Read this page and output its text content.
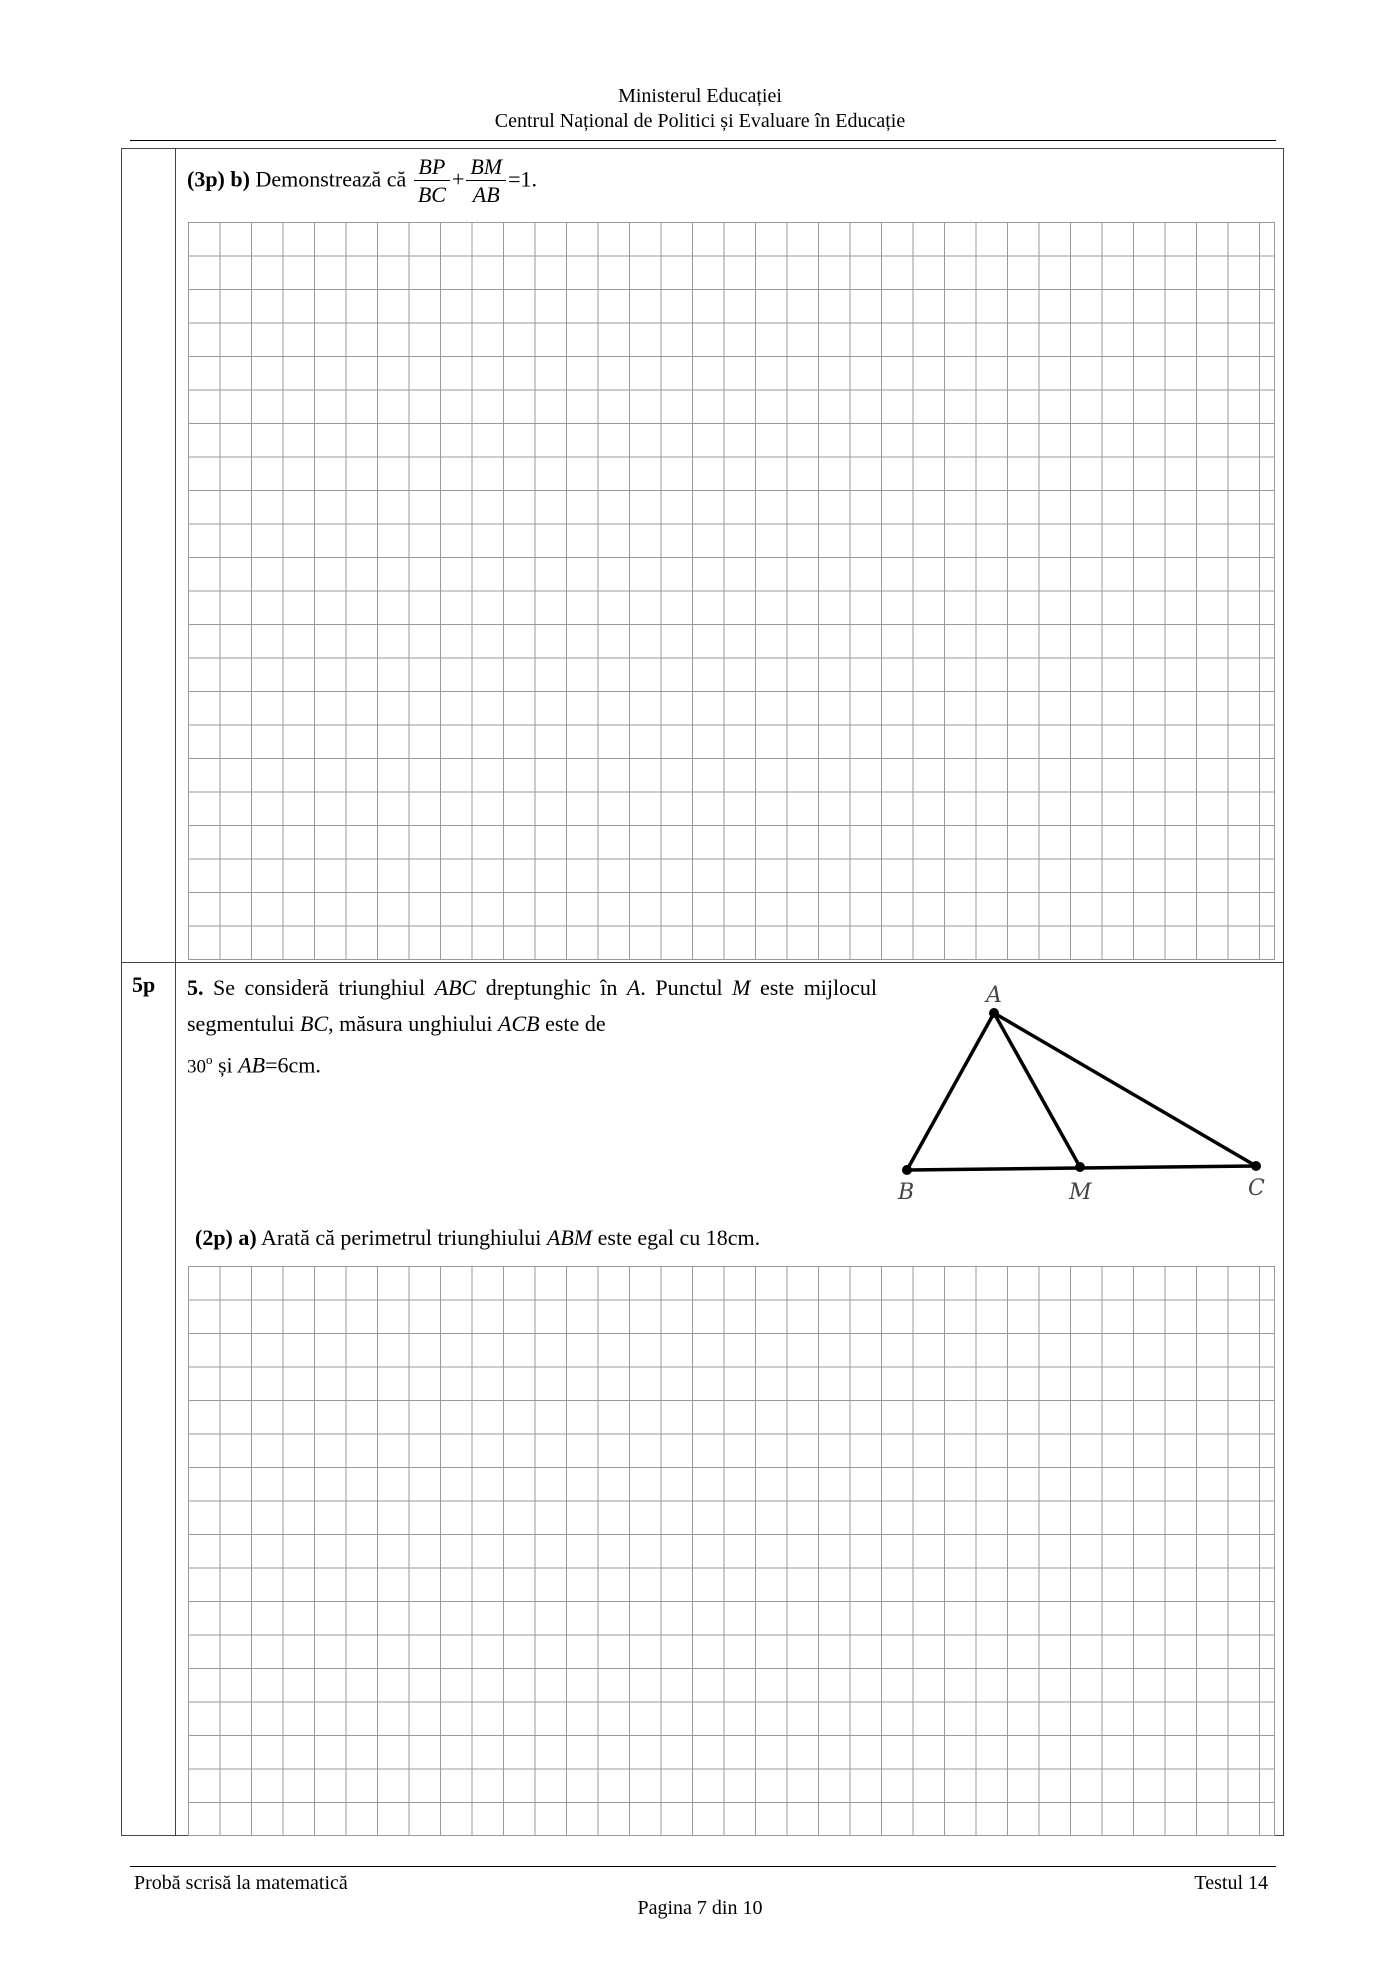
Ministerul Educației
Centrul Național de Politici și Evaluare în Educație
(3p) b) Demonstrează că $\frac{BP}{BC} + \frac{BM}{AB} =1$.
5p 5. Se consideră triunghiul ABC dreptunghic în A. Punctul M este mijlocul segmentului BC, măsura unghiului ACB este de
30$^o$ și AB=6cm.
A
B	M	C
(2p) a) Arată că perimetrul triunghiului ABM este egal cu 18cm.
Probă scrisă la matematică	Testul 14
Pagina 7 din 10
